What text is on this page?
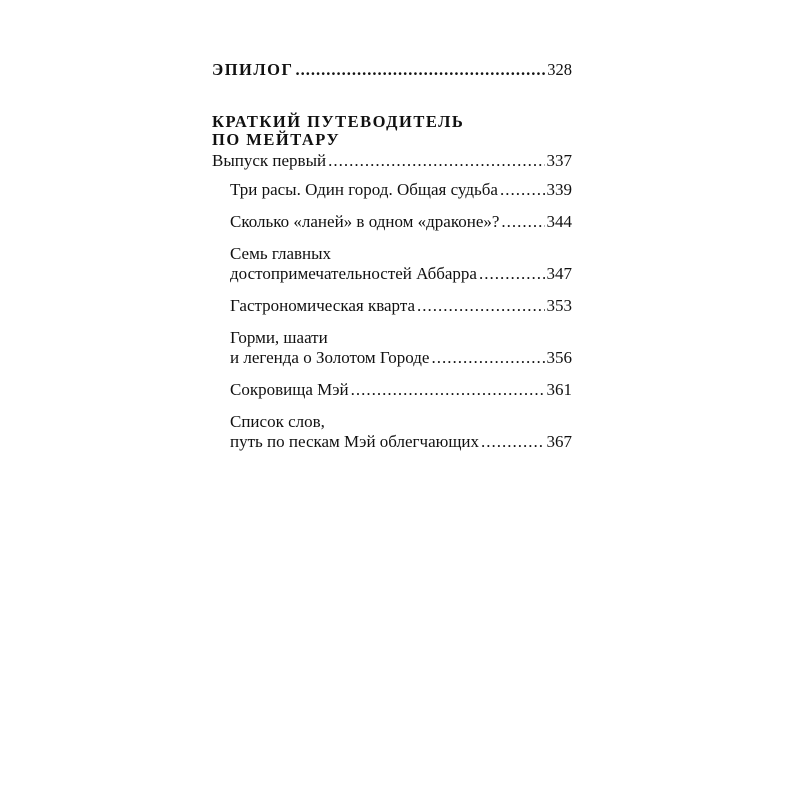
ЭПИЛОГ .....	328
КРАТКИЙ ПУТЕВОДИТЕЛЬ
ПО МЕЙТАРУ
Выпуск первый .....	337
Три расы. Один город. Общая судьба .....	339
Сколько «ланей» в одном «драконе»? .....	344
Семь главных
достопримечательностей Аббарра .....	347
Гастрономическая кварта .....	353
Горми, шаати
и легенда о Золотом Городе .....	356
Сокровища Мэй .....	361
Список слов,
путь по пескам Мэй облегчающих .....	367
